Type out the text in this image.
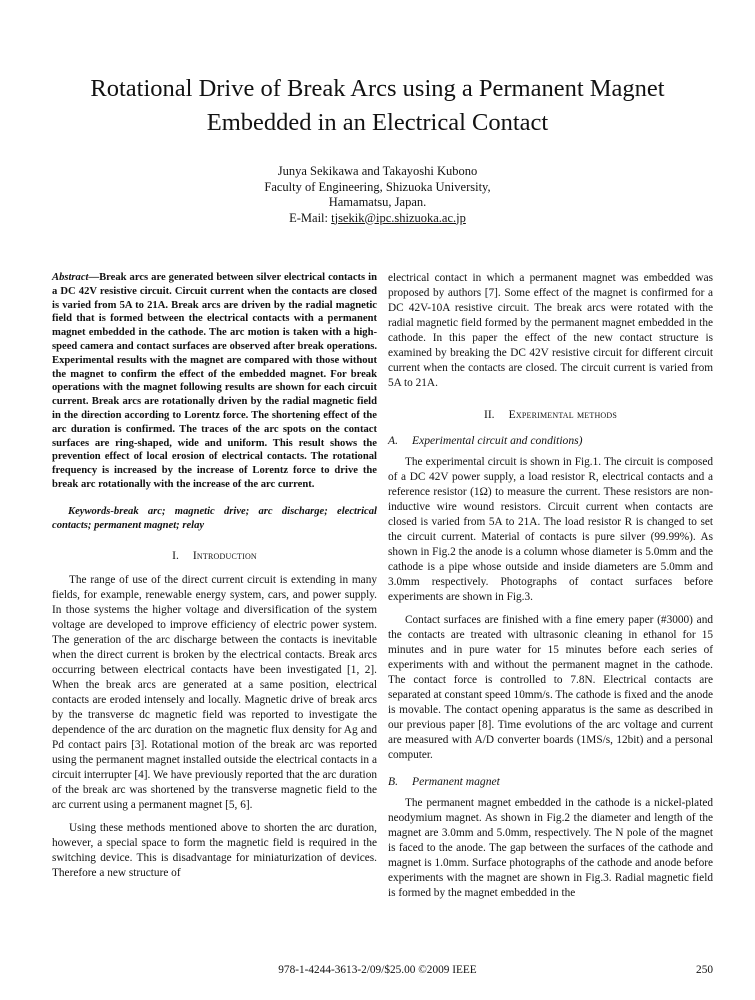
Rotational Drive of Break Arcs using a Permanent Magnet Embedded in an Electrical Contact
Junya Sekikawa and Takayoshi Kubono
Faculty of Engineering, Shizuoka University,
Hamamatsu, Japan.
E-Mail: tjsekik@ipc.shizuoka.ac.jp

Abstract—Break arcs are generated between silver electrical contacts in a DC 42V resistive circuit. Circuit current when the contacts are closed is varied from 5A to 21A. Break arcs are driven by the radial magnetic field that is formed between the electrical contacts with a permanent magnet embedded in the cathode. The arc motion is taken with a high-speed camera and contact surfaces are observed after break operations. Experimental results with the magnet are compared with those without the magnet to confirm the effect of the embedded magnet. For break operations with the magnet following results are shown for each circuit current. Break arcs are rotationally driven by the radial magnetic field in the direction according to Lorentz force. The shortening effect of the arc duration is confirmed. The traces of the arc spots on the contact surfaces are ring-shaped, wide and uniform. This result shows the prevention effect of local erosion of electrical contacts. The rotational frequency is increased by the increase of Lorentz force to drive the break arc rotationally with the increase of the arc current.

Keywords-break arc; magnetic drive; arc discharge; electrical contacts; permanent magnet; relay

I. Introduction

The range of use of the direct current circuit is extending in many fields, for example, renewable energy system, cars, and power supply. In those systems the higher voltage and diversification of the system voltage are developed to improve efficiency of electric power system. The generation of the arc discharge between the contacts is inevitable when the direct current is broken by the electrical contacts. Break arcs occurring between electrical contacts have been investigated [1, 2]. When the break arcs are generated at a same position, electrical contacts are eroded intensely and locally. Magnetic drive of break arcs by the transverse dc magnetic field was reported to investigate the dependence of the arc duration on the magnetic flux density for Ag and Pd contact pairs [3]. Rotational motion of the break arc was reported using the permanent magnet installed outside the electrical contacts in a circuit interrupter [4]. We have previously reported that the arc duration of the break arc was shortened by the transverse magnetic field to the arc current using a permanent magnet [5, 6].

Using these methods mentioned above to shorten the arc duration, however, a special space to form the magnetic field is required in the switching device. This is disadvantage for miniaturization of devices. Therefore a new structure of

electrical contact in which a permanent magnet was embedded was proposed by authors [7]. Some effect of the magnet is confirmed for a DC 42V-10A resistive circuit. The break arcs were rotated with the radial magnetic field formed by the permanent magnet embedded in the cathode. In this paper the effect of the new contact structure is examined by breaking the DC 42V resistive circuit for different circuit current when the contacts are closed. The circuit current is varied from 5A to 21A.

II. Experimental methods
A. Experimental circuit and conditions)

The experimental circuit is shown in Fig.1. The circuit is composed of a DC 42V power supply, a load resistor R, electrical contacts and a reference resistor (1Ω) to measure the current. These resistors are non-inductive wire wound resistors. Circuit current when contacts are closed is varied from 5A to 21A. The load resistor R is changed to set the circuit current. Material of contacts is pure silver (99.99%). As shown in Fig.2 the anode is a column whose diameter is 5.0mm and the cathode is a pipe whose outside and inside diameters are 5.0mm and 3.0mm respectively. Photographs of contact surfaces before experiments are shown in Fig.3.

Contact surfaces are finished with a fine emery paper (#3000) and the contacts are treated with ultrasonic cleaning in ethanol for 15 minutes and in pure water for 15 minutes before each series of experiments with and without the permanent magnet in the cathode. The contact force is controlled to 7.8N. Electrical contacts are separated at constant speed 10mm/s. The cathode is fixed and the anode is movable. The contact opening apparatus is the same as described in our previous paper [8]. Time evolutions of the arc voltage and current are measured with A/D converter boards (1MS/s, 12bit) and a personal computer.

B. Permanent magnet

The permanent magnet embedded in the cathode is a nickel-plated neodymium magnet. As shown in Fig.2 the diameter and length of the magnet are 3.0mm and 5.0mm, respectively. The N pole of the magnet is faced to the anode. The gap between the surfaces of the cathode and magnet is 1.0mm. Surface photographs of the cathode and anode before experiments with the magnet are shown in Fig.3. Radial magnetic field is formed by the magnet embedded in the

978-1-4244-3613-2/09/$25.00 ©2009 IEEE	250
